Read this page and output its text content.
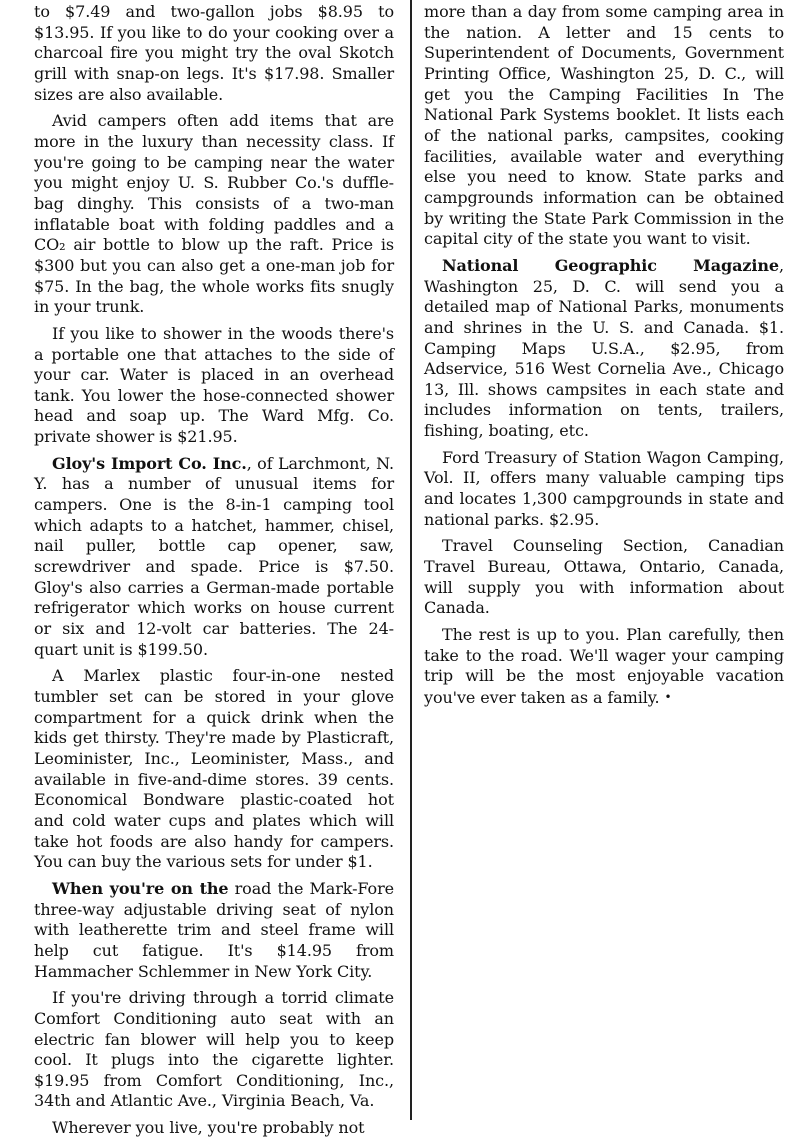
to $7.49 and two-gallon jobs $8.95 to $13.95. If you like to do your cooking over a charcoal fire you might try the oval Skotch grill with snap-on legs. It's $17.98. Smaller sizes are also available.

Avid campers often add items that are more in the luxury than necessity class. If you're going to be camping near the water you might enjoy U. S. Rubber Co.'s duffle-bag dinghy. This consists of a two-man inflatable boat with folding paddles and a CO₂ air bottle to blow up the raft. Price is $300 but you can also get a one-man job for $75. In the bag, the whole works fits snugly in your trunk.

If you like to shower in the woods there's a portable one that attaches to the side of your car. Water is placed in an overhead tank. You lower the hose-connected shower head and soap up. The Ward Mfg. Co. private shower is $21.95.

Gloy's Import Co. Inc., of Larchmont, N. Y. has a number of unusual items for campers. One is the 8-in-1 camping tool which adapts to a hatchet, hammer, chisel, nail puller, bottle cap opener, saw, screwdriver and spade. Price is $7.50. Gloy's also carries a German-made portable refrigerator which works on house current or six and 12-volt car batteries. The 24-quart unit is $199.50.

A Marlex plastic four-in-one nested tumbler set can be stored in your glove compartment for a quick drink when the kids get thirsty. They're made by Plasticraft, Leominister, Inc., Leominister, Mass., and available in five-and-dime stores. 39 cents. Economical Bondware plastic-coated hot and cold water cups and plates which will take hot foods are also handy for campers. You can buy the various sets for under $1.

When you're on the road the Mark-Fore three-way adjustable driving seat of nylon with leatherette trim and steel frame will help cut fatigue. It's $14.95 from Hammacher Schlemmer in New York City.

If you're driving through a torrid climate Comfort Conditioning auto seat with an electric fan blower will help you to keep cool. It plugs into the cigarette lighter. $19.95 from Comfort Conditioning, Inc., 34th and Atlantic Ave., Virginia Beach, Va.

Wherever you live, you're probably not

more than a day from some camping area in the nation. A letter and 15 cents to Superintendent of Documents, Government Printing Office, Washington 25, D. C., will get you the Camping Facilities In The National Park Systems booklet. It lists each of the national parks, campsites, cooking facilities, available water and everything else you need to know. State parks and campgrounds information can be obtained by writing the State Park Commission in the capital city of the state you want to visit.

National Geographic Magazine, Washington 25, D. C. will send you a detailed map of National Parks, monuments and shrines in the U. S. and Canada. $1. Camping Maps U.S.A., $2.95, from Adservice, 516 West Cornelia Ave., Chicago 13, Ill. shows campsites in each state and includes information on tents, trailers, fishing, boating, etc.

Ford Treasury of Station Wagon Camping, Vol. II, offers many valuable camping tips and locates 1,300 campgrounds in state and national parks. $2.95.

Travel Counseling Section, Canadian Travel Bureau, Ottawa, Ontario, Canada, will supply you with information about Canada.

The rest is up to you. Plan carefully, then take to the road. We'll wager your camping trip will be the most enjoyable vacation you've ever taken as a family. •
